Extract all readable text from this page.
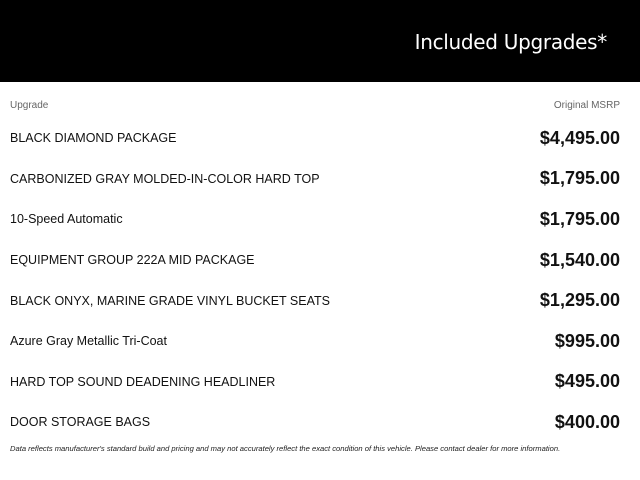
Included Upgrades*
Upgrade	Original MSRP
BLACK DIAMOND PACKAGE	$4,495.00
CARBONIZED GRAY MOLDED-IN-COLOR HARD TOP	$1,795.00
10-Speed Automatic	$1,795.00
EQUIPMENT GROUP 222A MID PACKAGE	$1,540.00
BLACK ONYX, MARINE GRADE VINYL BUCKET SEATS	$1,295.00
Azure Gray Metallic Tri-Coat	$995.00
HARD TOP SOUND DEADENING HEADLINER	$495.00
DOOR STORAGE BAGS	$400.00
Data reflects manufacturer's standard build and pricing and may not accurately reflect the exact condition of this vehicle. Please contact dealer for more information.
